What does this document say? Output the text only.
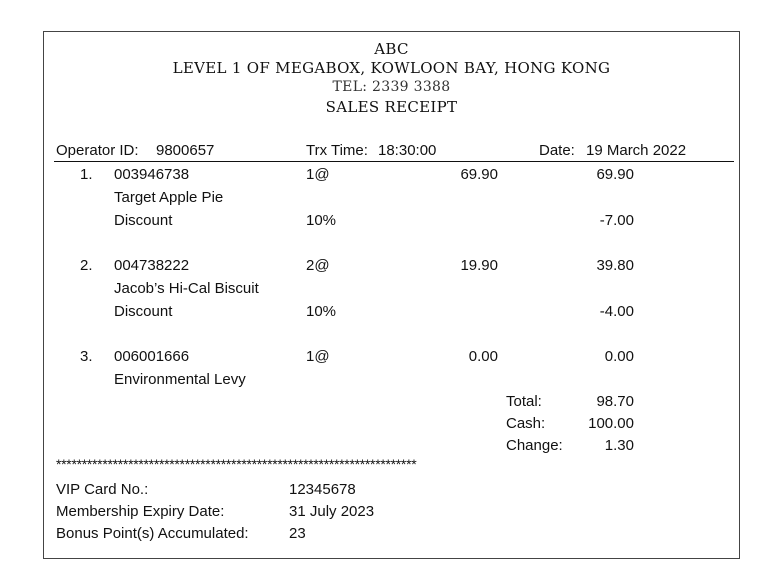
ABC
LEVEL 1 OF MEGABOX, KOWLOON BAY, HONG KONG
TEL: 2339 3388
SALES RECEIPT
Operator ID: 9800657	Trx Time: 18:30:00	Date: 19 March 2022
1. 003946738	1@	69.90	69.90
Target Apple Pie
Discount	10%	-7.00
2. 004738222	2@	19.90	39.80
Jacob’s Hi-Cal Biscuit
Discount	10%	-4.00
3. 006001666	1@	0.00	0.00
Environmental Levy
Total:	98.70
Cash:	100.00
Change:	1.30
**********************************************************************
VIP Card No.:	12345678
Membership Expiry Date:	31 July 2023
Bonus Point(s) Accumulated:	23
